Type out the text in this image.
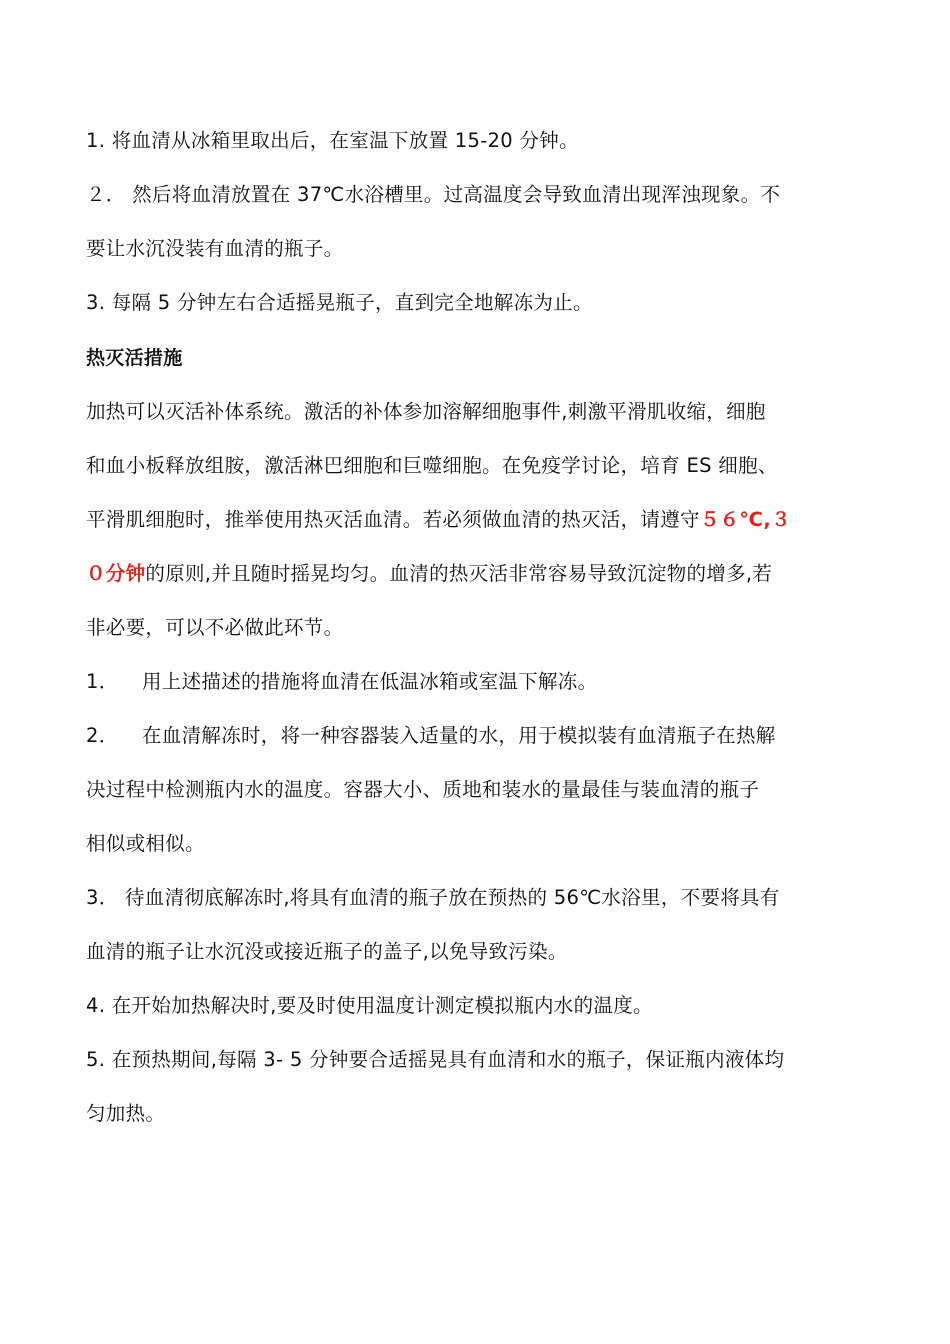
1. 将血清从冰箱里取出后，在室温下放置 15-20 分钟。
２． 然后将血清放置在 37℃水浴槽里。过高温度会导致血清出现浑浊现象。不
要让水沉没装有血清的瓶子。
3. 每隔 5 分钟左右合适摇晃瓶子，直到完全地解冻为止。
热灭活措施
加热可以灭活补体系统。激活的补体参加溶解细胞事件,刺激平滑肌收缩，细胞
和血小板释放组胺，激活淋巴细胞和巨噬细胞。在免疫学讨论，培育 ES 细胞、
平滑肌细胞时，推举使用热灭活血清。若必须做血清的热灭活，请遵守５６℃,３
０分钟的原则,并且随时摇晃均匀。血清的热灭活非常容易导致沉淀物的增多,若
非必要，可以不必做此环节。
1． 用上述描述的措施将血清在低温冰箱或室温下解冻。
2． 在血清解冻时，将一种容器装入适量的水，用于模拟装有血清瓶子在热解
决过程中检测瓶内水的温度。容器大小、质地和装水的量最佳与装血清的瓶子
相似或相似。
3． 待血清彻底解冻时,将具有血清的瓶子放在预热的 56℃水浴里，不要将具有
血清的瓶子让水沉没或接近瓶子的盖子,以免导致污染。
4. 在开始加热解决时,要及时使用温度计测定模拟瓶内水的温度。
5. 在预热期间,每隔 3- 5 分钟要合适摇晃具有血清和水的瓶子，保证瓶内液体均
匀加热。
